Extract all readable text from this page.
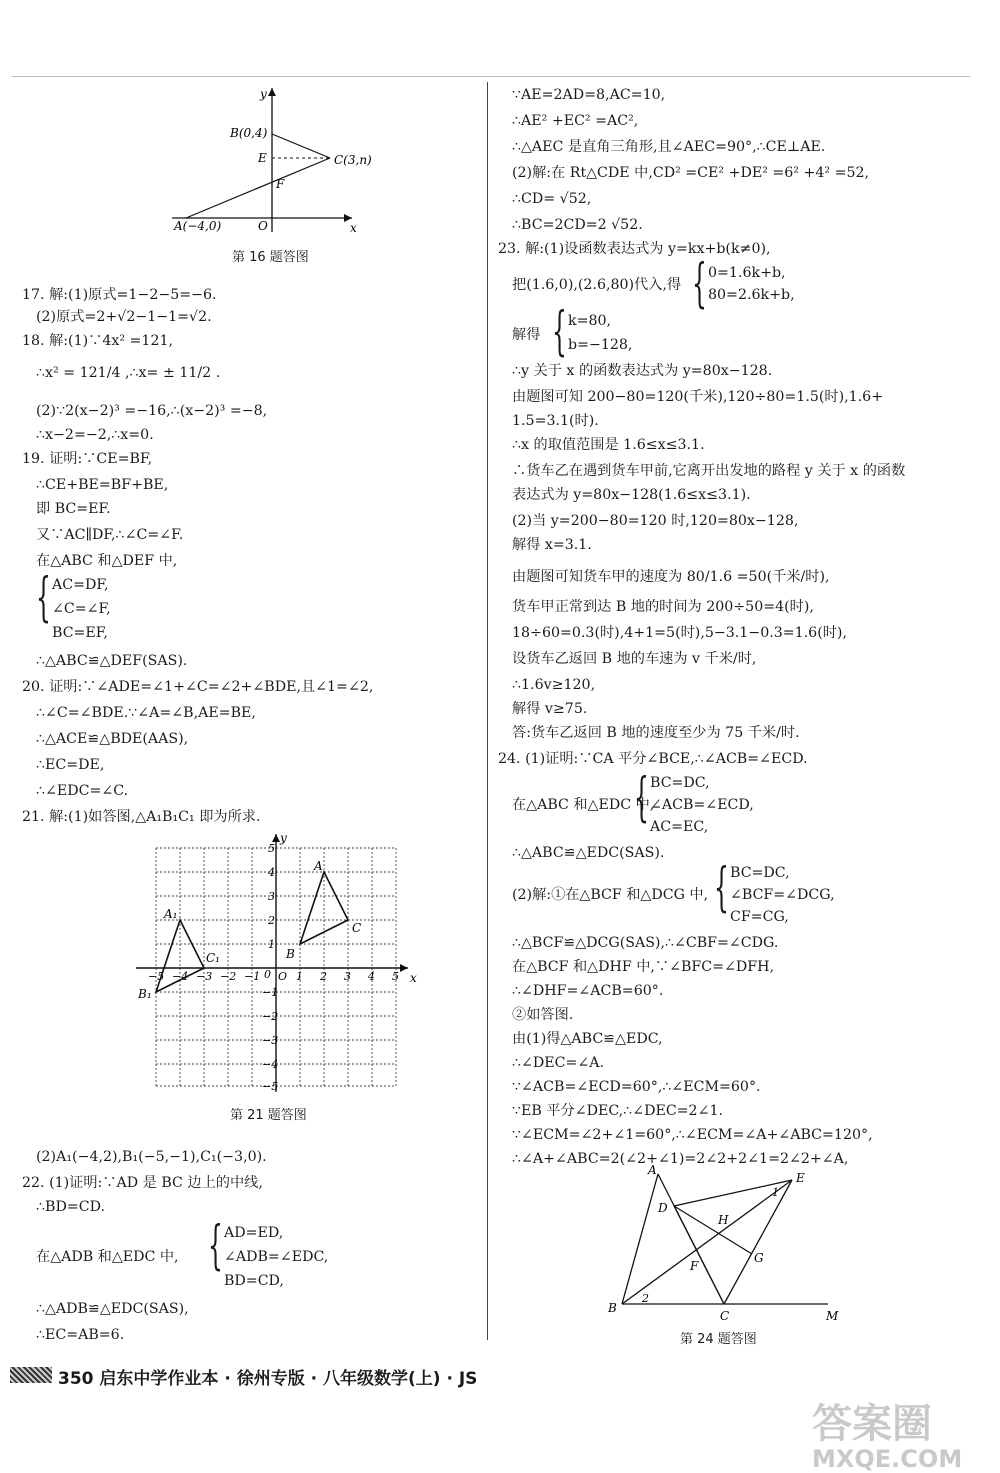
y
x
B(0,4)
E	C(3,n)
F
A(−4,0)	O
第 16 题答图
17. 解:(1)原式=1−2−5=−6.
(2)原式=2+√2−1−1=√2.
18. 解:(1)∵4x² =121,
∴x² = 121/4 ,∴x= ± 11/2 .
(2)∵2(x−2)³ =−16,∴(x−2)³ =−8,
∴x−2=−2,∴x=0.
19. 证明:∵CE=BF,
∴CE+BE=BF+BE,
即 BC=EF.
又∵AC∥DF,∴∠C=∠F.
在△ABC 和△DEF 中,
{ AC=DF,
∠C=∠F,
BC=EF,
∴△ABC≌△DEF(SAS).
20. 证明:∵∠ADE=∠1+∠C=∠2+∠BDE,且∠1=∠2,
∴∠C=∠BDE.∵∠A=∠B,AE=BE,
∴△ACE≌△BDE(AAS),
∴EC=DE,
∴∠EDC=∠C.
21. 解:(1)如答图,△A₁B₁C₁ 即为所求.
5
4
3
2
1
0
−1
−2
−3
−4
−5
−5 −4 −3 −2 −1	1 2 3 4 5
y
x
A
B
C
A₁
B₁
C₁
O
第 21 题答图
(2)A₁(−4,2),B₁(−5,−1),C₁(−3,0).
22. (1)证明:∵AD 是 BC 边上的中线,
∴BD=CD.
{ AD=ED,
在△ADB 和△EDC 中,	∠ADB=∠EDC,
BD=CD,
∴△ADB≌△EDC(SAS),
∴EC=AB=6.
∵AE=2AD=8,AC=10,
∴AE² +EC² =AC²,
∴△AEC 是直角三角形,且∠AEC=90°,∴CE⊥AE.
(2)解:在 Rt△CDE 中,CD² =CE² +DE² =6² +4² =52,
∴CD= √52,
∴BC=2CD=2 √52.
23. 解:(1)设函数表达式为 y=kx+b(k≠0),
把(1.6,0),(2.6,80)代入,得 { 0=1.6k+b,
80=2.6k+b,
解得 { k=80,
b=−128,
∴y 关于 x 的函数表达式为 y=80x−128.
由题图可知 200−80=120(千米),120÷80=1.5(时),1.6+
1.5=3.1(时).
∴x 的取值范围是 1.6≤x≤3.1.
∴货车乙在遇到货车甲前,它离开出发地的路程 y 关于 x 的函数
表达式为 y=80x−128(1.6≤x≤3.1).
(2)当 y=200−80=120 时,120=80x−128,
解得 x=3.1.
由题图可知货车甲的速度为 80/1.6 =50(千米/时),
货车甲正常到达 B 地的时间为 200÷50=4(时),
18÷60=0.3(时),4+1=5(时),5−3.1−0.3=1.6(时),
设货车乙返回 B 地的车速为 v 千米/时,
∴1.6v≥120,
解得 v≥75.
答:货车乙返回 B 地的速度至少为 75 千米/时.
24. (1)证明:∵CA 平分∠BCE,∴∠ACB=∠ECD.
{ BC=DC,
在△ABC 和△EDC 中,
∠ACB=∠ECD,
AC=EC,
∴△ABC≌△EDC(SAS).
{ BC=DC,
(2)解:①在△BCF 和△DCG 中, ∠BCF=∠DCG,
CF=CG,
∴△BCF≌△DCG(SAS),∴∠CBF=∠CDG.
在△BCF 和△DHF 中,∵∠BFC=∠DFH,
∴∠DHF=∠ACB=60°.
②如答图.
由(1)得△ABC≌△EDC,
∴∠DEC=∠A.
∵∠ACB=∠ECD=60°,∴∠ECM=60°.
∵EB 平分∠DEC,∴∠DEC=2∠1.
∵∠ECM=∠2+∠1=60°,∴∠ECM=∠A+∠ABC=120°,
∴∠A+∠ABC=2(∠2+∠1)=2∠2+2∠1=2∠2+∠A,
A
E
D
H
G
F
B
C	M
1
2
第 24 题答图
350 启东中学作业本 · 徐州专版 · 八年级数学(上) · JS
答案圈
MXQE.COM
